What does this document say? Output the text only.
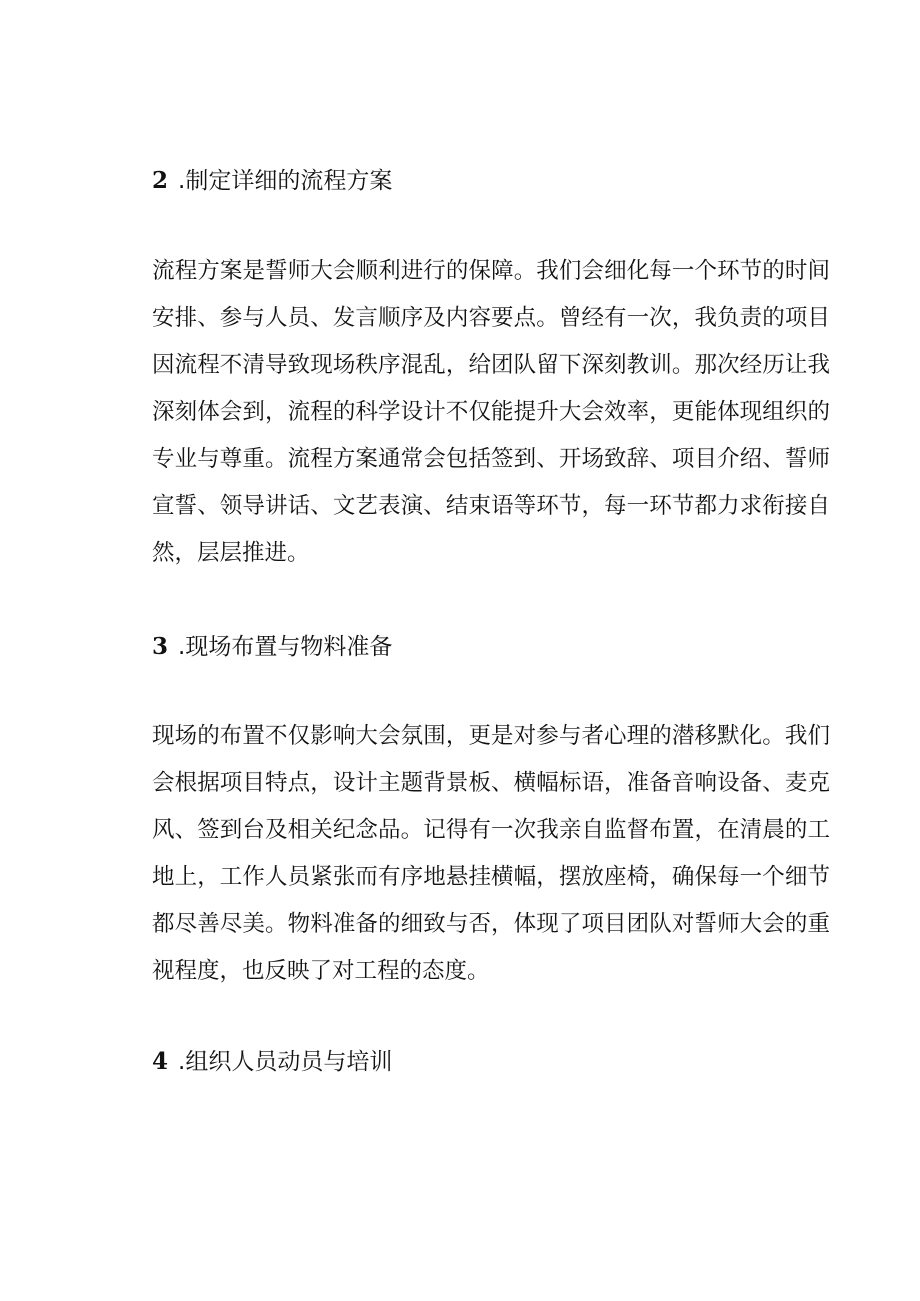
2 .制定详细的流程方案

流程方案是誓师大会顺利进行的保障。我们会细化每一个环节的时间安排、参与人员、发言顺序及内容要点。曾经有一次，我负责的项目因流程不清导致现场秩序混乱，给团队留下深刻教训。那次经历让我深刻体会到，流程的科学设计不仅能提升大会效率，更能体现组织的专业与尊重。流程方案通常会包括签到、开场致辞、项目介绍、誓师宣誓、领导讲话、文艺表演、结束语等环节，每一环节都力求衔接自然，层层推进。

3 .现场布置与物料准备

现场的布置不仅影响大会氛围，更是对参与者心理的潜移默化。我们会根据项目特点，设计主题背景板、横幅标语，准备音响设备、麦克风、签到台及相关纪念品。记得有一次我亲自监督布置，在清晨的工地上，工作人员紧张而有序地悬挂横幅，摆放座椅，确保每一个细节都尽善尽美。物料准备的细致与否，体现了项目团队对誓师大会的重视程度，也反映了对工程的态度。

4 .组织人员动员与培训
